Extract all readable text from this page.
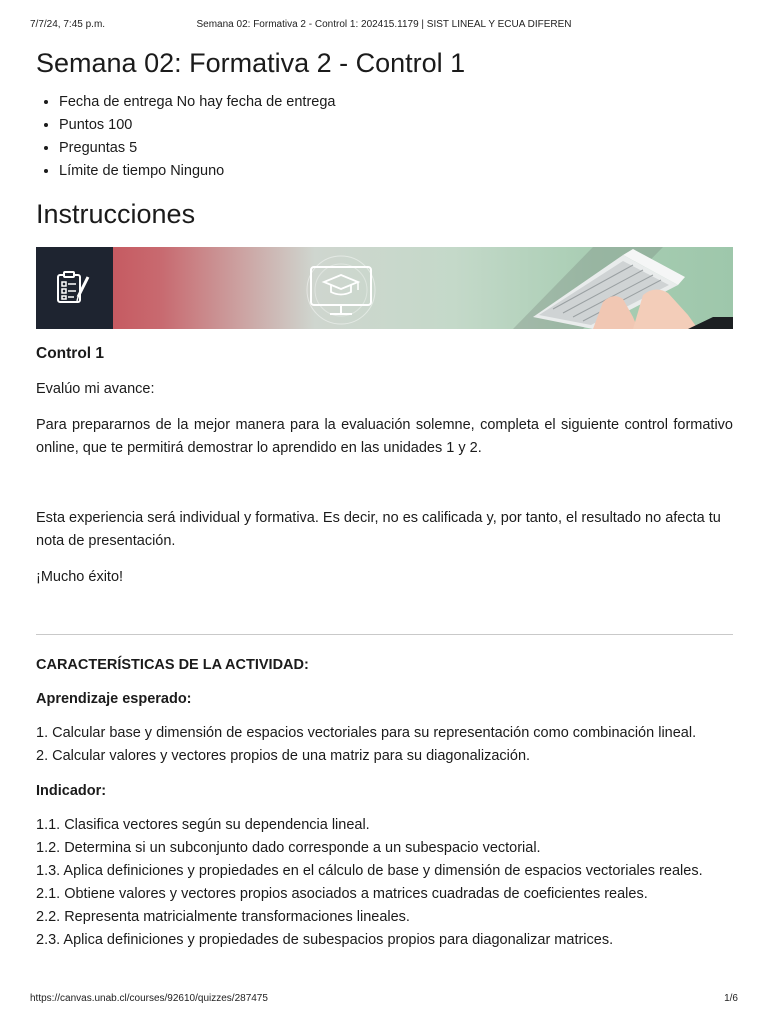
7/7/24, 7:45 p.m.	Semana 02: Formativa 2 - Control 1: 202415.1179 | SIST LINEAL Y ECUA DIFEREN
Semana 02: Formativa 2 - Control 1
• Fecha de entrega No hay fecha de entrega
• Puntos 100
• Preguntas 5
• Límite de tiempo Ninguno
Instrucciones

Control 1

Evalúo mi avance:

Para prepararnos de la mejor manera para la evaluación solemne, completa el siguiente control formativo online, que te permitirá demostrar lo aprendido en las unidades 1 y 2.

Esta experiencia será individual y formativa. Es decir, no es calificada y, por tanto, el resultado no afecta tu nota de presentación.

¡Mucho éxito!

CARACTERÍSTICAS DE LA ACTIVIDAD:

Aprendizaje esperado:

1. Calcular base y dimensión de espacios vectoriales para su representación como combinación lineal.

2. Calcular valores y vectores propios de una matriz para su diagonalización.

Indicador:

1.1. Clasifica vectores según su dependencia lineal.

1.2. Determina si un subconjunto dado corresponde a un subespacio vectorial.

1.3. Aplica definiciones y propiedades en el cálculo de base y dimensión de espacios vectoriales reales.

2.1. Obtiene valores y vectores propios asociados a matrices cuadradas de coeficientes reales.

2.2. Representa matricialmente transformaciones lineales.

2.3. Aplica definiciones y propiedades de subespacios propios para diagonalizar matrices.

https://canvas.unab.cl/courses/92610/quizzes/287475	1/6
